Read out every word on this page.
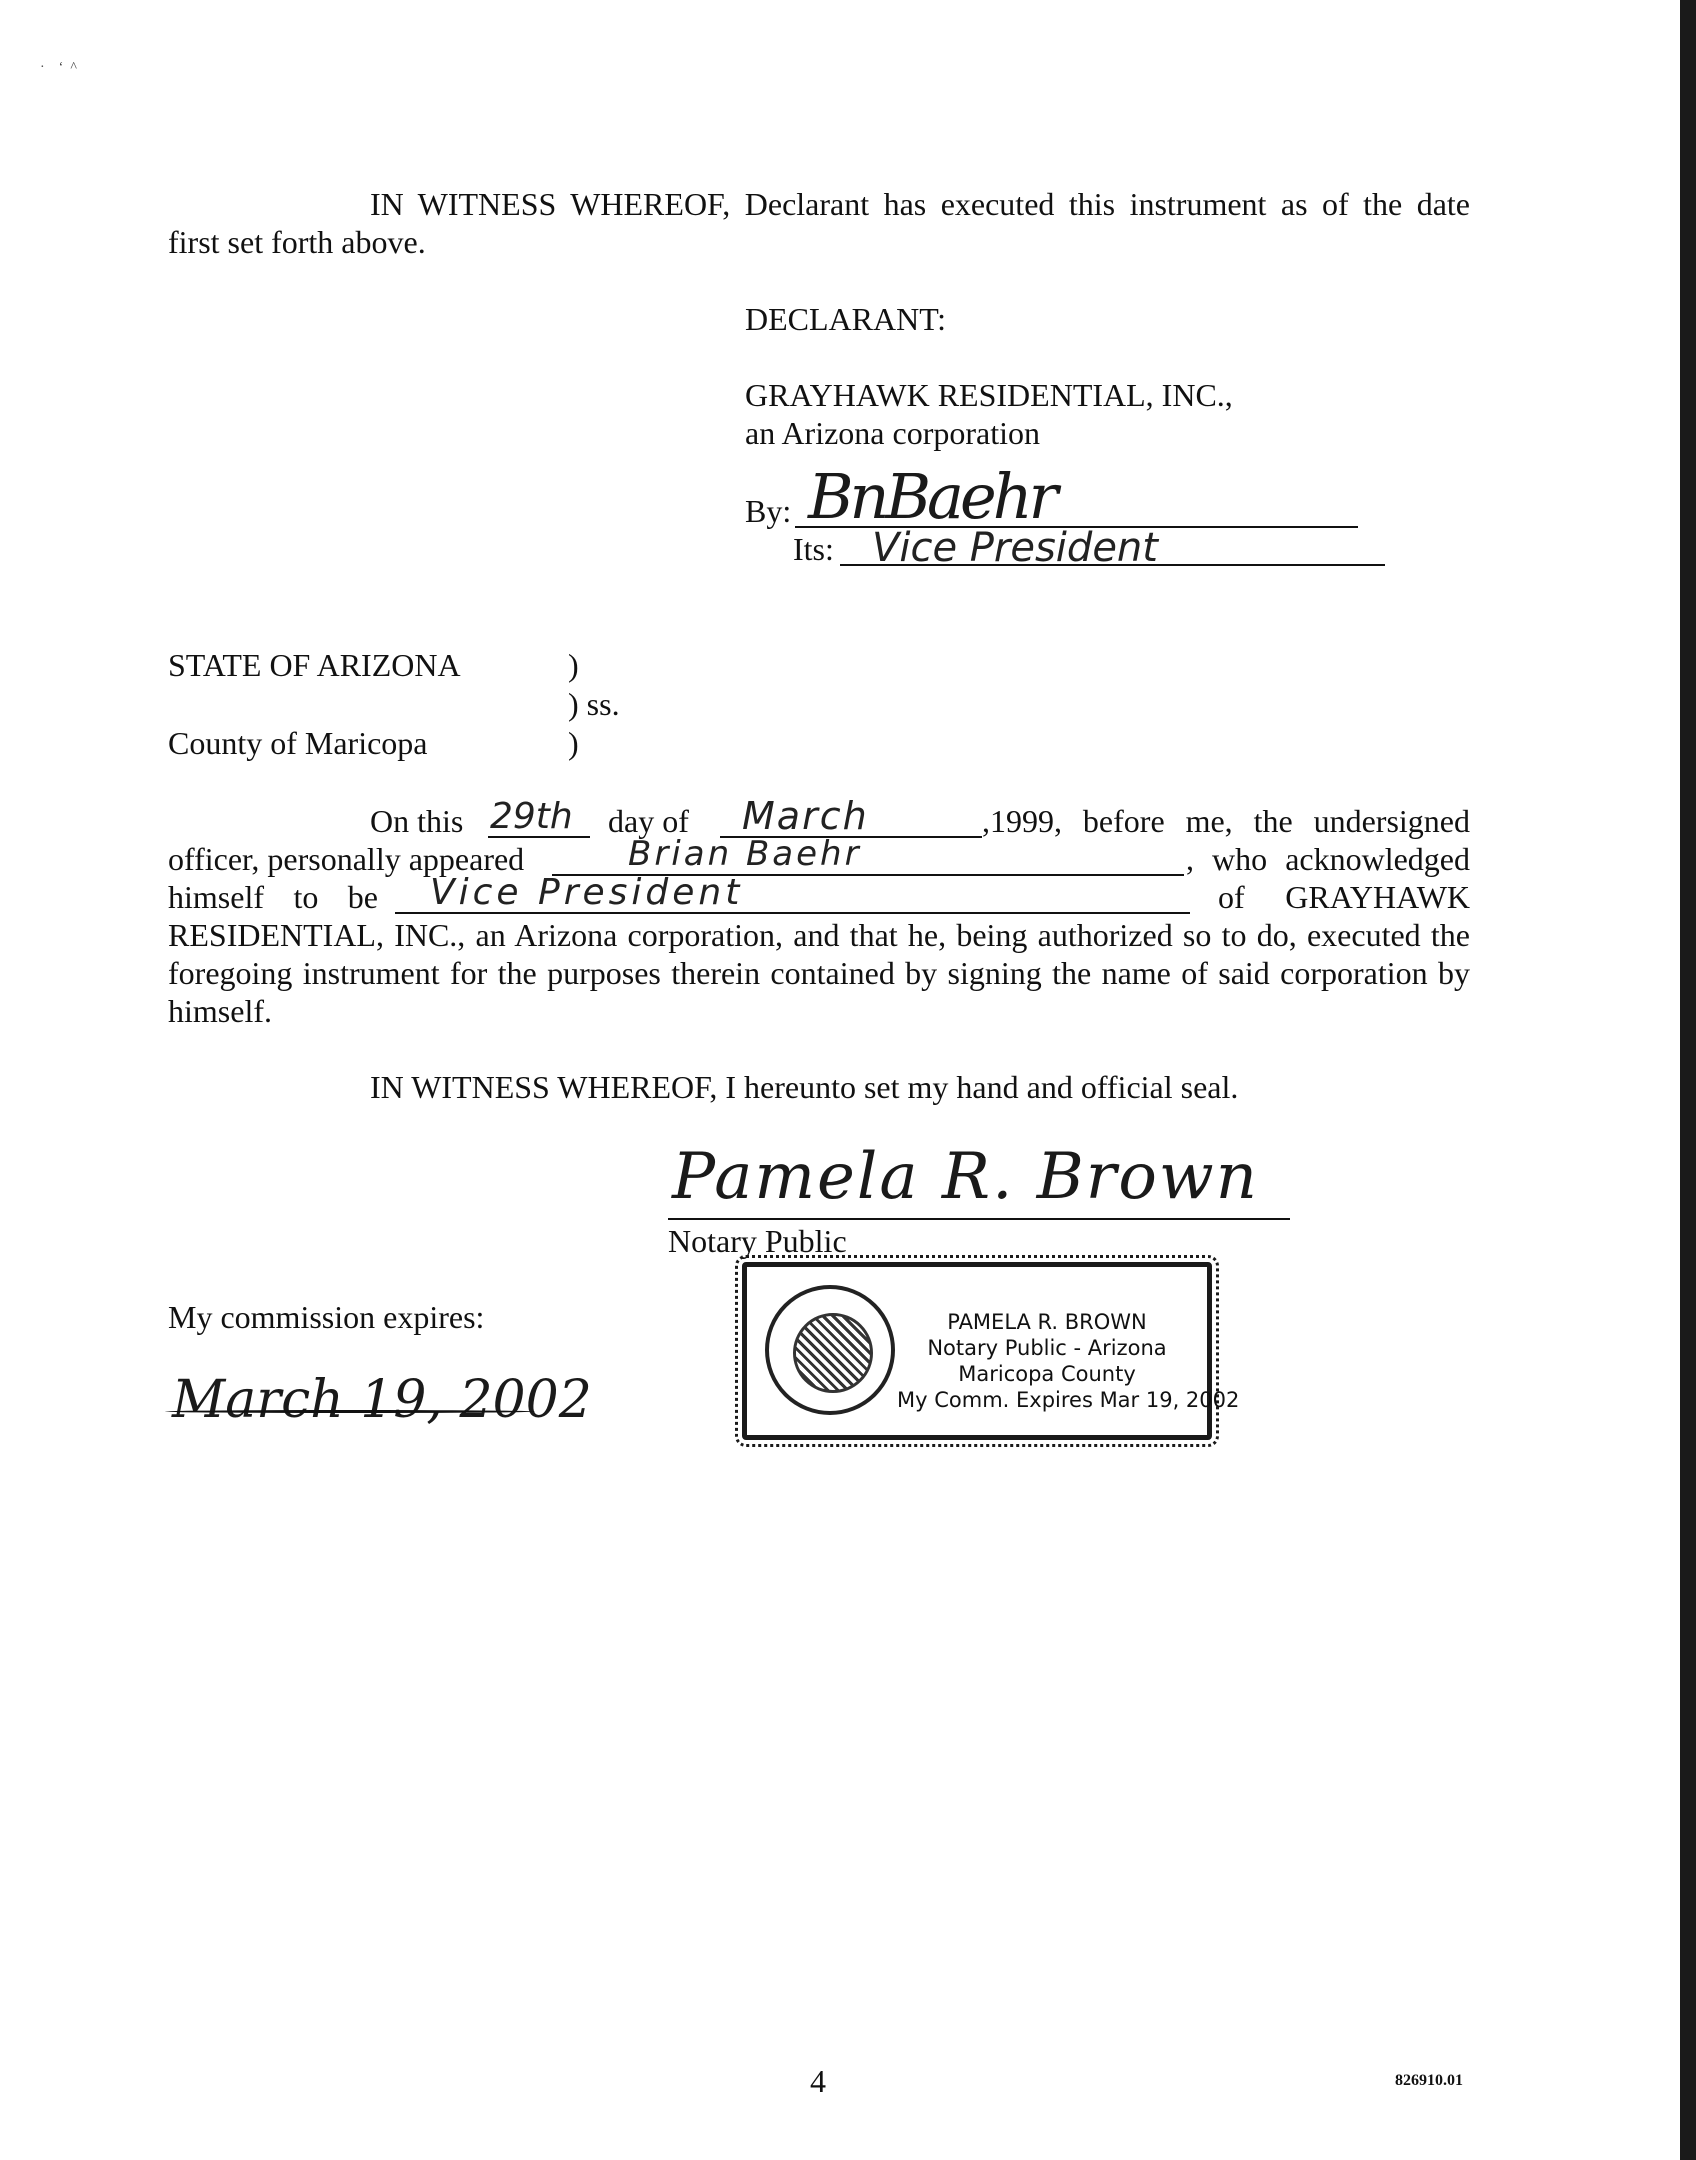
·    ‘  ^
IN WITNESS WHEREOF, Declarant has executed this instrument as of the date
first set forth above.
DECLARANT:
GRAYHAWK RESIDENTIAL, INC.,
an Arizona corporation
By: BnBaehr
Its: Vice President
STATE OF ARIZONA	)
) ss.
County of Maricopa	)
On this 29th day of March	,1999, before me, the undersigned
officer, personally appeared	Brian Baehr	, who acknowledged
himself to be Vice President	of GRAYHAWK
RESIDENTIAL, INC., an Arizona corporation, and that he, being authorized so to do, executed the
foregoing instrument for the purposes therein contained by signing the name of said corporation by
himself.
IN WITNESS WHEREOF, I hereunto set my hand and official seal.
Pamela R. Brown
Notary Public
My commission expires:
March 19, 2002
PAMELA R. BROWN
Notary Public - Arizona
Maricopa County
My Comm. Expires Mar 19, 2002
4	826910.01
